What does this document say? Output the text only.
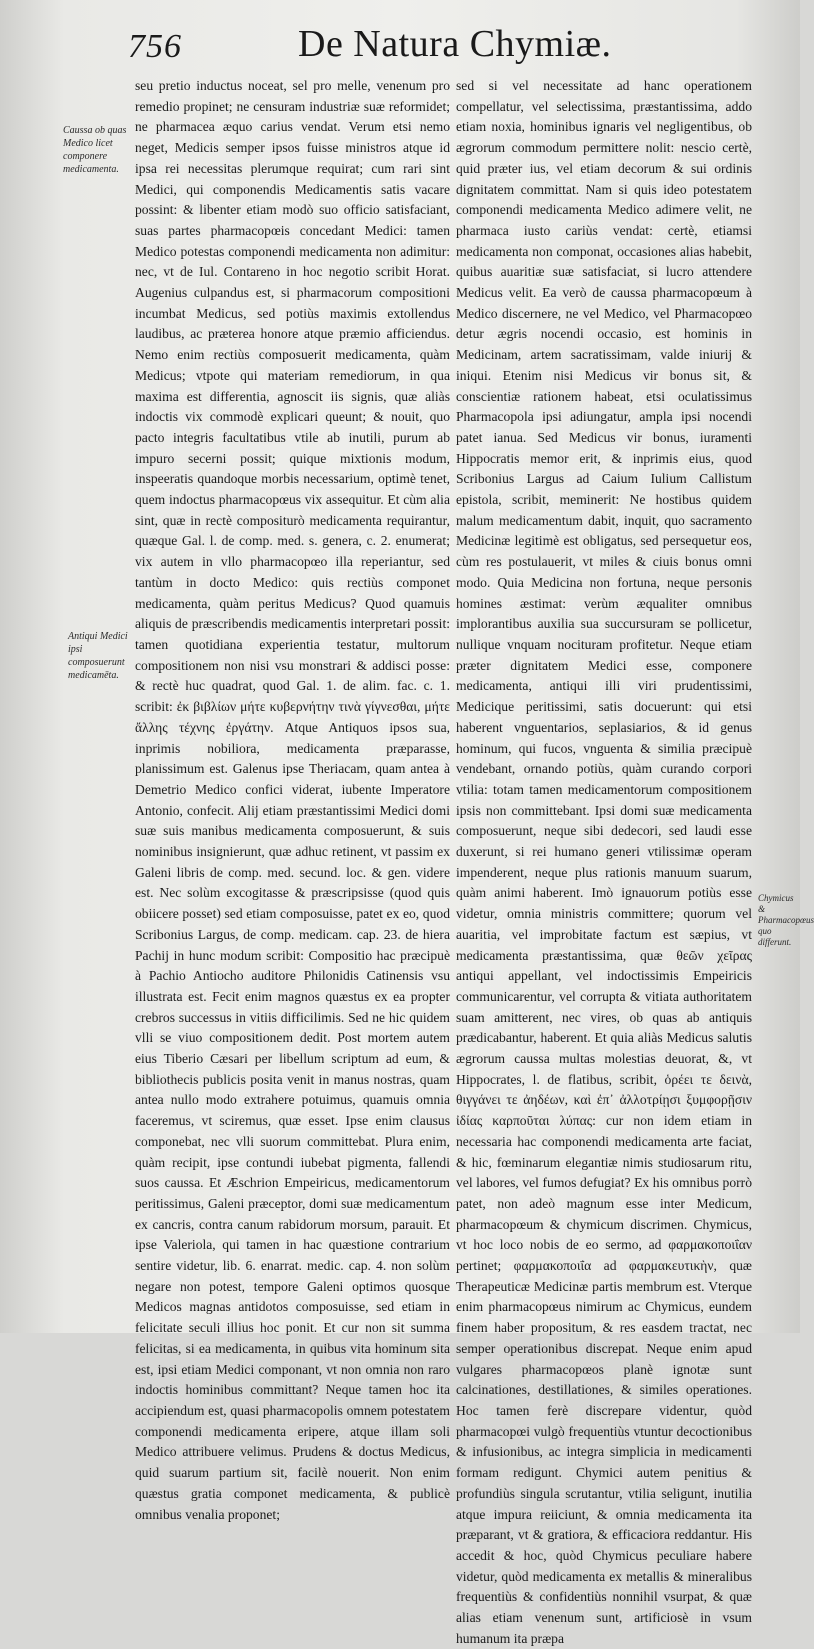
756	De Natura Chymiæ.
Caussa ob quas Medico licet componere medicamenta.
Antiqui Medici ipsi composuerunt medicamēta.
Chymicus & Pharmacopœus quo differunt.

seu pretio inductus noceat, sel pro melle, venenum pro remedio propinet; ne censuram industriæ suæ reformidet; ne pharmacea æquo carius vendat. Verum etsi nemo neget, Medicis semper ipsos fuisse ministros atque id ipsa rei necessitas plerumque requirat; cum rari sint Medici, qui componendis Medicamentis satis vacare possint: & libenter etiam modò suo officio satisfaciant, suas partes pharmacopœis concedant Medici: tamen Medico potestas componendi medicamenta non adimitur: nec, vt de Iul. Contareno in hoc negotio scribit Horat. Augenius culpandus est, si pharmacorum compositioni incumbat Medicus, sed potiùs maximis extollendus laudibus, ac præterea honore atque præmio afficiendus. Nemo enim rectiùs composuerit medicamenta, quàm Medicus; vtpote qui materiam remediorum, in qua maxima est differentia, agnoscit iis signis, quæ aliàs indoctis vix commodè explicari queunt; & nouit, quo pacto integris facultatibus vtile ab inutili, purum ab impuro secerni possit; quique mixtionis modum, inspeeratis quandoque morbis necessarium, optimè tenet, quem indoctus pharmacopœus vix assequitur. Et cùm alia sint, quæ in rectè compositurò medicamenta requirantur, quæque Gal. l. de comp. med. s. genera, c. 2. enumerat; vix autem in vllo pharmacopœo illa reperiantur, sed tantùm in docto Medico: quis rectiùs componet medicamenta, quàm peritus Medicus? Quod quamuis aliquis de præscribendis medicamentis interpretari possit: tamen quotidiana experientia testatur, multorum compositionem non nisi vsu monstrari & addisci posse: & rectè huc quadrat, quod Gal. 1. de alim. fac. c. 1. scribit: ἐκ βιβλίων μήτε κυβερνήτην τινὰ γίγνεσθαι, μήτε ἄλλης τέχνης ἐργάτην. Atque Antiquos ipsos sua, inprimis nobiliora, medicamenta præparasse, planissimum est. Galenus ipse Theriacam, quam antea à Demetrio Medico confici viderat, iubente Imperatore Antonio, confecit. Alij etiam præstantissimi Medici domi suæ suis manibus medicamenta composuerunt, & suis nominibus insignierunt, quæ adhuc retinent, vt passim ex Galeni libris de comp. med. secund. loc. & gen. videre est. Nec solùm excogitasse & præscripsisse (quod quis obiicere posset) sed etiam composuisse, patet ex eo, quod Scribonius Largus, de comp. medicam. cap. 23. de hiera Pachij in hunc modum scribit: Compositio hac præcipuè à Pachio Antiocho auditore Philonidis Catinensis vsu illustrata est. Fecit enim magnos quæstus ex ea propter crebros successus in vitiis difficilimis. Sed ne hic quidem vlli se viuo compositionem dedit. Post mortem autem eius Tiberio Cæsari per libellum scriptum ad eum, & bibliothecis publicis posita venit in manus nostras, quam antea nullo modo extrahere potuimus, quamuis omnia faceremus, vt sciremus, quæ esset. Ipse enim clausus componebat, nec vlli suorum committebat. Plura enim, quàm recipit, ipse contundi iubebat pigmenta, fallendi suos caussa. Et Æschrion Empeiricus, medicamentorum peritissimus, Galeni præceptor, domi suæ medicamentum ex cancris, contra canum rabidorum morsum, parauit. Et ipse Valeriola, qui tamen in hac quæstione contrarium sentire videtur, lib. 6. enarrat. medic. cap. 4. non solùm negare non potest, tempore Galeni optimos quosque Medicos magnas antidotos composuisse, sed etiam in felicitate seculi illius hoc ponit. Et cur non sit summa felicitas, si ea medicamenta, in quibus vita hominum sita est, ipsi etiam Medici componant, vt non omnia non raro indoctis hominibus committant? Neque tamen hoc ita accipiendum est, quasi pharmacopolis omnem potestatem componendi medicamenta eripere, atque illam soli Medico attribuere velimus. Prudens & doctus Medicus, quid suarum partium sit, facilè nouerit. Non enim quæstus gratia componet medicamenta, & publicè omnibus venalia proponet;

sed si vel necessitate ad hanc operationem compellatur, vel selectissima, præstantissima, addo etiam noxia, hominibus ignaris vel negligentibus, ob ægrorum commodum permittere nolit: nescio certè, quid præter ius, vel etiam decorum & sui ordinis dignitatem committat. Nam si quis ideo potestatem componendi medicamenta Medico adimere velit, ne pharmaca iusto cariùs vendat: certè, etiamsi medicamenta non componat, occasiones alias habebit, quibus auaritiæ suæ satisfaciat, si lucro attendere Medicus velit. Ea verò de caussa pharmacopœum à Medico discernere, ne vel Medico, vel Pharmacopœo detur ægris nocendi occasio, est hominis in Medicinam, artem sacratissimam, valde iniurij & iniqui. Etenim nisi Medicus vir bonus sit, & conscientiæ rationem habeat, etsi oculatissimus Pharmacopola ipsi adiungatur, ampla ipsi nocendi patet ianua. Sed Medicus vir bonus, iuramenti Hippocratis memor erit, & inprimis eius, quod Scribonius Largus ad Caium Iulium Callistum epistola, scribit, meminerit: Ne hostibus quidem malum medicamentum dabit, inquit, quo sacramento Medicinæ legitimè est obligatus, sed persequetur eos, cùm res postulauerit, vt miles & ciuis bonus omni modo. Quia Medicina non fortuna, neque personis homines æstimat: verùm æqualiter omnibus implorantibus auxilia sua succursuram se pollicetur, nullique vnquam nocituram profitetur. Neque etiam præter dignitatem Medici esse, componere medicamenta, antiqui illi viri prudentissimi, Medicique peritissimi, satis docuerunt: qui etsi haberent vnguentarios, seplasiarios, & id genus hominum, qui fucos, vnguenta & similia præcipuè vendebant, ornando potiùs, quàm curando corpori vtilia: totam tamen medicamentorum compositionem ipsis non committebant. Ipsi domi suæ medicamenta composuerunt, neque sibi dedecori, sed laudi esse duxerunt, si rei humano generi vtilissimæ operam impenderent, neque plus rationis manuum suarum, quàm animi haberent. Imò ignauorum potiùs esse videtur, omnia ministris committere; quorum vel auaritia, vel improbitate factum est sæpius, vt medicamenta præstantissima, quæ θεῶν χεῖρας antiqui appellant, vel indoctissimis Empeiricis communicarentur, vel corrupta & vitiata authoritatem suam amitterent, nec vires, ob quas ab antiquis prædicabantur, haberent. Et quia aliàs Medicus salutis ægrorum caussa multas molestias deuorat, &, vt Hippocrates, l. de flatibus, scribit, ὁρέει τε δεινὰ, θιγγάνει τε ἀηδέων, καὶ ἐπ᾽ ἀλλοτρίῃσι ξυμφορῇσιν ἰδίας καρποῦται λύπας: cur non idem etiam in necessaria hac componendi medicamenta arte faciat, & hic, fœminarum elegantiæ nimis studiosarum ritu, vel labores, vel fumos defugiat? Ex his omnibus porrò patet, non adeò magnum esse inter Medicum, pharmacopœum & chymicum discrimen. Chymicus, vt hoc loco nobis de eo sermo, ad φαρμακοποιΐαν pertinet; φαρμακοποιΐα ad φαρμακευτικὴν, quæ Therapeuticæ Medicinæ partis membrum est. Vterque enim pharmacopœus nimirum ac Chymicus, eundem finem haber propositum, & res easdem tractat, nec semper operationibus discrepat. Neque enim apud vulgares pharmacopœos planè ignotæ sunt calcinationes, destillationes, & similes operationes. Hoc tamen ferè discrepare videntur, quòd pharmacopœi vulgò frequentiùs vtuntur decoctionibus & infusionibus, ac integra simplicia in medicamenti formam redigunt. Chymici autem penitius & profundiùs singula scrutantur, vtilia seligunt, inutilia atque impura reiiciunt, & omnia medicamenta ita præparant, vt & gratiora, & efficaciora reddantur. His accedit & hoc, quòd Chymicus peculiare habere videtur, quòd medicamenta ex metallis & mineralibus frequentiùs & confidentiùs nonnihil vsurpat, & quæ alias etiam venenum sunt, artificiosè in vsum humanum ita præpa
